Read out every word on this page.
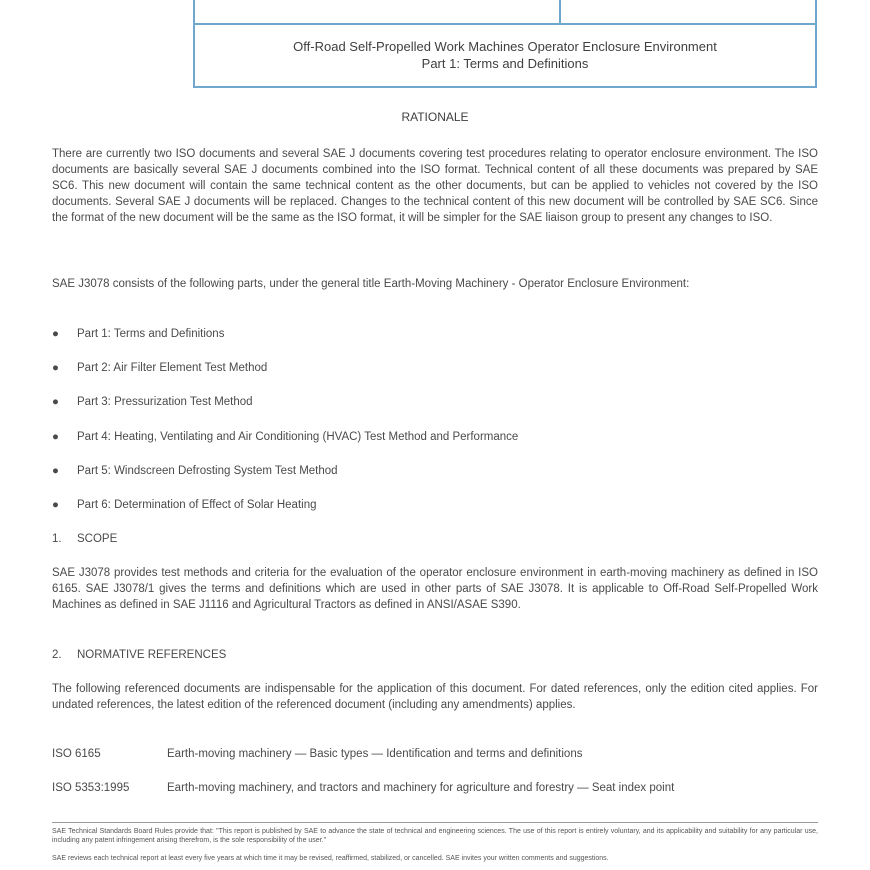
Off-Road Self-Propelled Work Machines Operator Enclosure Environment
Part 1: Terms and Definitions
RATIONALE
There are currently two ISO documents and several SAE J documents covering test procedures relating to operator enclosure environment. The ISO documents are basically several SAE J documents combined into the ISO format. Technical content of all these documents was prepared by SAE SC6. This new document will contain the same technical content as the other documents, but can be applied to vehicles not covered by the ISO documents. Several SAE J documents will be replaced. Changes to the technical content of this new document will be controlled by SAE SC6. Since the format of the new document will be the same as the ISO format, it will be simpler for the SAE liaison group to present any changes to ISO.
SAE J3078 consists of the following parts, under the general title Earth-Moving Machinery - Operator Enclosure Environment:
● Part 1: Terms and Definitions
● Part 2: Air Filter Element Test Method
● Part 3: Pressurization Test Method
● Part 4: Heating, Ventilating and Air Conditioning (HVAC) Test Method and Performance
● Part 5: Windscreen Defrosting System Test Method
● Part 6: Determination of Effect of Solar Heating
1. SCOPE
SAE J3078 provides test methods and criteria for the evaluation of the operator enclosure environment in earth-moving machinery as defined in ISO 6165. SAE J3078/1 gives the terms and definitions which are used in other parts of SAE J3078. It is applicable to Off-Road Self-Propelled Work Machines as defined in SAE J1116 and Agricultural Tractors as defined in ANSI/ASAE S390.
2. NORMATIVE REFERENCES
The following referenced documents are indispensable for the application of this document. For dated references, only the edition cited applies. For undated references, the latest edition of the referenced document (including any amendments) applies.
ISO 6165	Earth-moving machinery — Basic types — Identification and terms and definitions
ISO 5353:1995	Earth-moving machinery, and tractors and machinery for agriculture and forestry — Seat index point
SAE Technical Standards Board Rules provide that: "This report is published by SAE to advance the state of technical and engineering sciences. The use of this report is entirely voluntary, and its applicability and suitability for any particular use, including any patent infringement arising therefrom, is the sole responsibility of the user."
SAE reviews each technical report at least every five years at which time it may be revised, reaffirmed, stabilized, or cancelled. SAE invites your written comments and suggestions.
